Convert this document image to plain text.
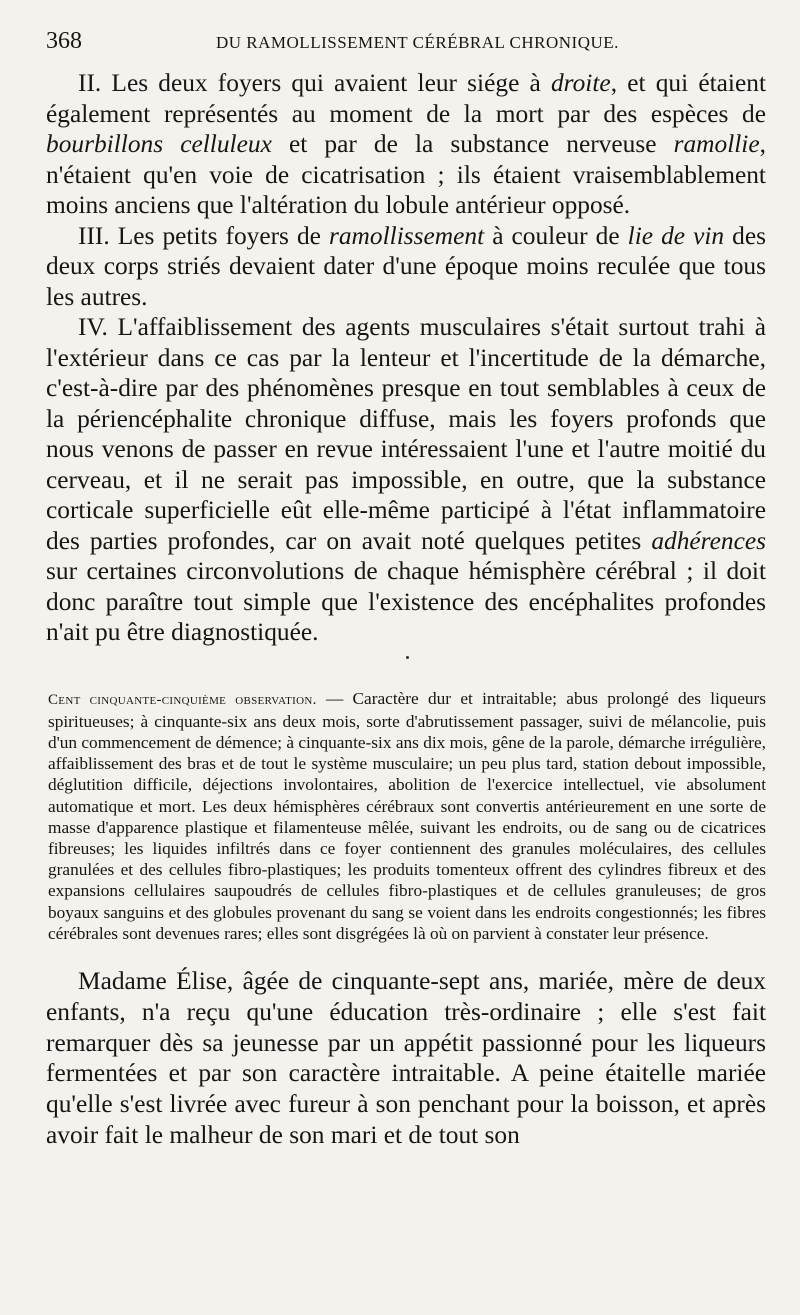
368	DU RAMOLLISSEMENT CÉRÉBRAL CHRONIQUE.

II. Les deux foyers qui avaient leur siége à droite, et qui étaient également représentés au moment de la mort par des espèces de bourbillons celluleux et par de la substance nerveuse ramollie, n'étaient qu'en voie de cicatrisation ; ils étaient vraisemblablement moins anciens que l'altération du lobule antérieur opposé.

III. Les petits foyers de ramollissement à couleur de lie de vin des deux corps striés devaient dater d'une époque moins reculée que tous les autres.

IV. L'affaiblissement des agents musculaires s'était surtout trahi à l'extérieur dans ce cas par la lenteur et l'incertitude de la démarche, c'est-à-dire par des phénomènes presque en tout semblables à ceux de la périencéphalite chronique diffuse, mais les foyers profonds que nous venons de passer en revue intéressaient l'une et l'autre moitié du cerveau, et il ne serait pas impossible, en outre, que la substance corticale superficielle eût elle-même participé à l'état inflammatoire des parties profondes, car on avait noté quelques petites adhérences sur certaines circonvolutions de chaque hémisphère cérébral ; il doit donc paraître tout simple que l'existence des encéphalites profondes n'ait pu être diagnostiquée.

Cent cinquante-cinquième observation. — Caractère dur et intraitable; abus prolongé des liqueurs spiritueuses; à cinquante-six ans deux mois, sorte d'abrutissement passager, suivi de mélancolie, puis d'un commencement de démence; à cinquante-six ans dix mois, gêne de la parole, démarche irrégulière, affaiblissement des bras et de tout le système musculaire; un peu plus tard, station debout impossible, déglutition difficile, déjections involontaires, abolition de l'exercice intellectuel, vie absolument automatique et mort. Les deux hémisphères cérébraux sont convertis antérieurement en une sorte de masse d'apparence plastique et filamenteuse mêlée, suivant les endroits, ou de sang ou de cicatrices fibreuses; les liquides infiltrés dans ce foyer contiennent des granules moléculaires, des cellules granulées et des cellules fibro-plastiques; les produits tomenteux offrent des cylindres fibreux et des expansions cellulaires saupoudrés de cellules fibro-plastiques et de cellules granuleuses; de gros boyaux sanguins et des globules provenant du sang se voient dans les endroits congestionnés; les fibres cérébrales sont devenues rares; elles sont disgrégées là où on parvient à constater leur présence.

Madame Élise, âgée de cinquante-sept ans, mariée, mère de deux enfants, n'a reçu qu'une éducation très-ordinaire ; elle s'est fait remarquer dès sa jeunesse par un appétit passionné pour les liqueurs fermentées et par son caractère intraitable. A peine étaitelle mariée qu'elle s'est livrée avec fureur à son penchant pour la boisson, et après avoir fait le malheur de son mari et de tout son
